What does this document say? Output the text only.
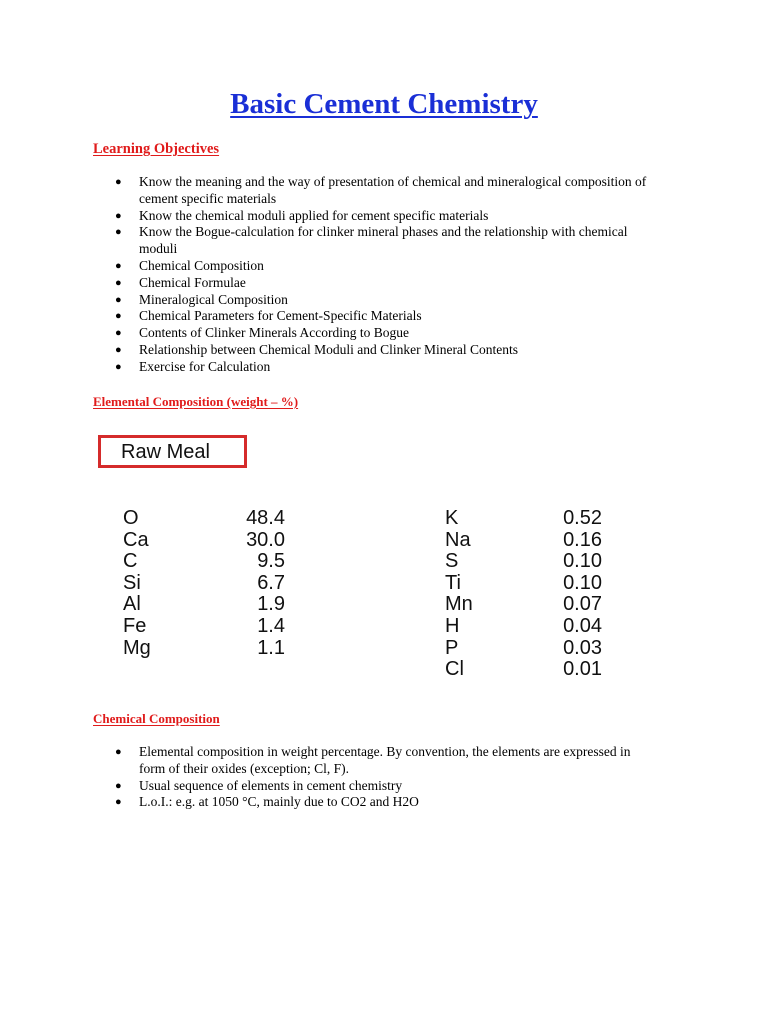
Basic Cement Chemistry
Learning Objectives
● Know the meaning and the way of presentation of chemical and mineralogical composition of cement specific materials
● Know the chemical moduli applied for cement specific materials
● Know the Bogue-calculation for clinker mineral phases and the relationship with chemical moduli
● Chemical Composition
● Chemical Formulae
● Mineralogical Composition
● Chemical Parameters for Cement-Specific Materials
● Contents of Clinker Minerals According to Bogue
● Relationship between Chemical Moduli and Clinker Mineral Contents
● Exercise for Calculation
Elemental Composition (weight – %)
Raw Meal
O	48.4
Ca	30.0
C	9.5
Si	6.7
Al	1.9
Fe	1.4
Mg	1.1
K	0.52
Na	0.16
S	0.10
Ti	0.10
Mn	0.07
H	0.04
P	0.03
Cl	0.01
Chemical Composition
● Elemental composition in weight percentage. By convention, the elements are expressed in form of their oxides (exception; Cl, F).
● Usual sequence of elements in cement chemistry
● L.o.I.: e.g. at 1050 °C, mainly due to CO2 and H2O
